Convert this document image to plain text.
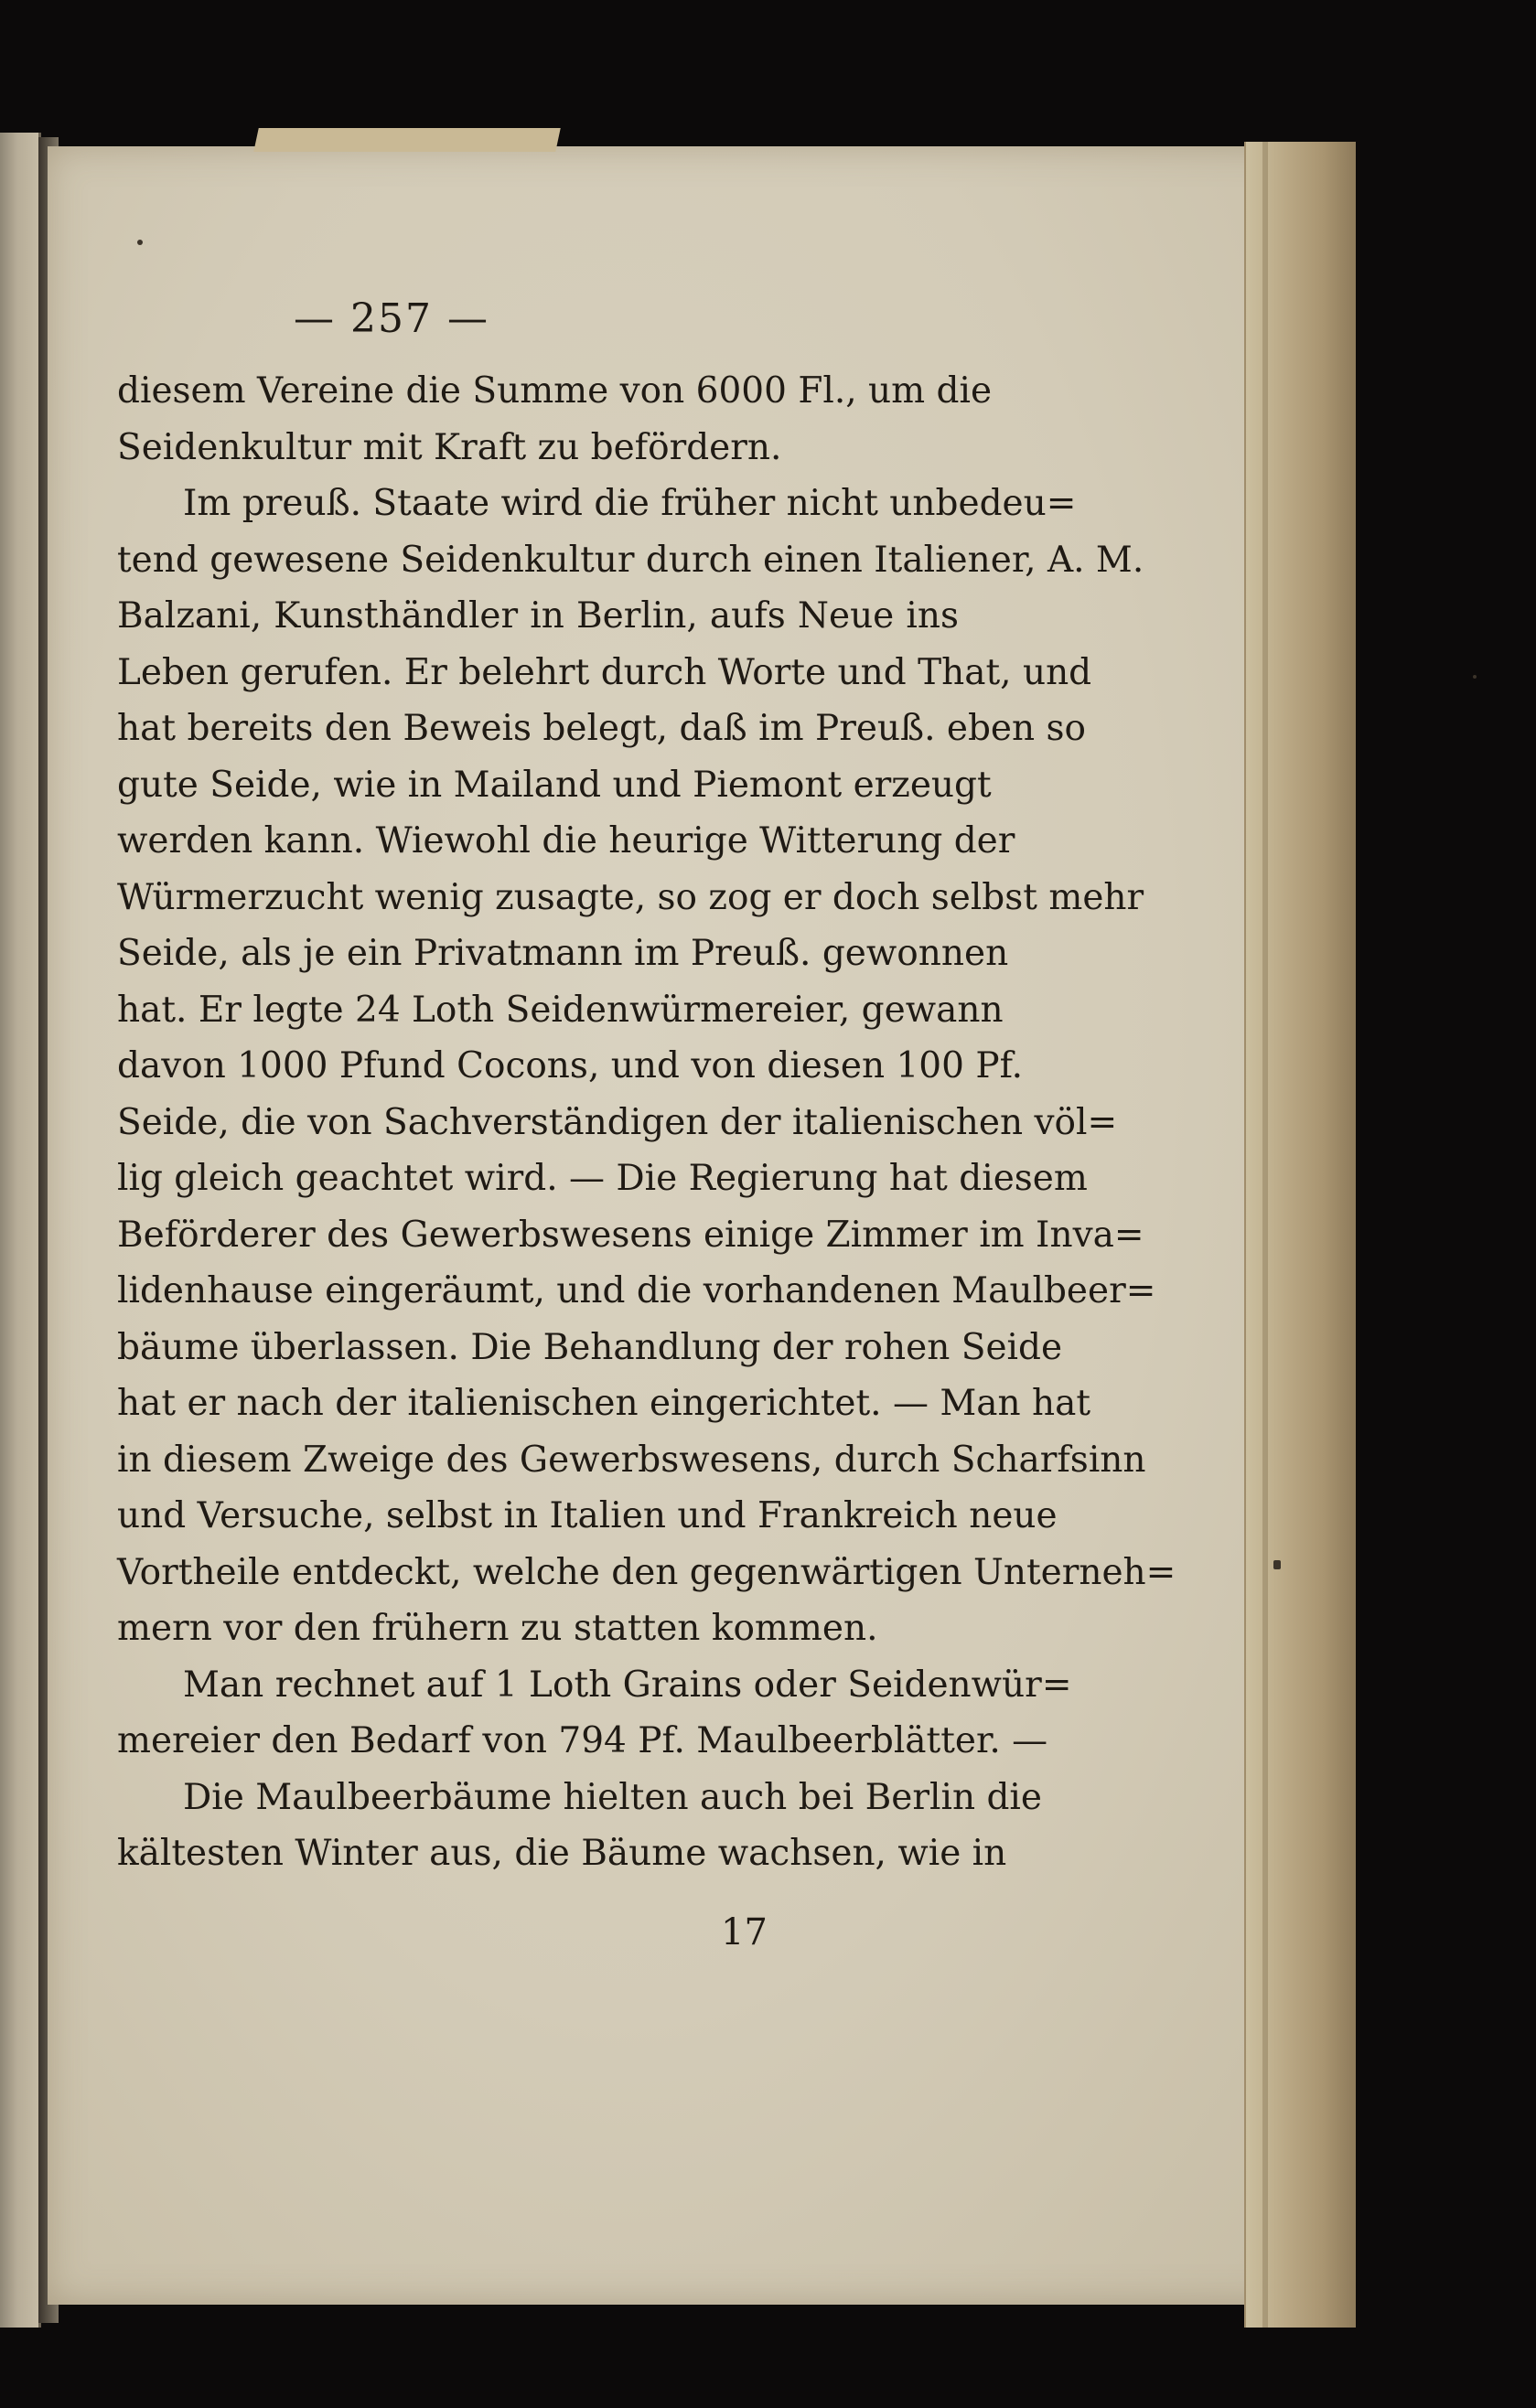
— 257 —
diesem Vereine die Summe von 6000 Fl., um die
Seidenkultur mit Kraft zu befördern.
Im preuß. Staate wird die früher nicht unbedeu=
tend gewesene Seidenkultur durch einen Italiener, A. M.
Balzani, Kunsthändler in Berlin, aufs Neue ins
Leben gerufen. Er belehrt durch Worte und That, und
hat bereits den Beweis belegt, daß im Preuß. eben so
gute Seide, wie in Mailand und Piemont erzeugt
werden kann. Wiewohl die heurige Witterung der
Würmerzucht wenig zusagte, so zog er doch selbst mehr
Seide, als je ein Privatmann im Preuß. gewonnen
hat. Er legte 24 Loth Seidenwürmereier, gewann
davon 1000 Pfund Cocons, und von diesen 100 Pf.
Seide, die von Sachverständigen der italienischen völ=
lig gleich geachtet wird. — Die Regierung hat diesem
Beförderer des Gewerbswesens einige Zimmer im Inva=
lidenhause eingeräumt, und die vorhandenen Maulbeer=
bäume überlassen. Die Behandlung der rohen Seide
hat er nach der italienischen eingerichtet. — Man hat
in diesem Zweige des Gewerbswesens, durch Scharfsinn
und Versuche, selbst in Italien und Frankreich neue
Vortheile entdeckt, welche den gegenwärtigen Unterneh=
mern vor den frühern zu statten kommen.
Man rechnet auf 1 Loth Grains oder Seidenwür=
mereier den Bedarf von 794 Pf. Maulbeerblätter. —
Die Maulbeerbäume hielten auch bei Berlin die
kältesten Winter aus, die Bäume wachsen, wie in
17
